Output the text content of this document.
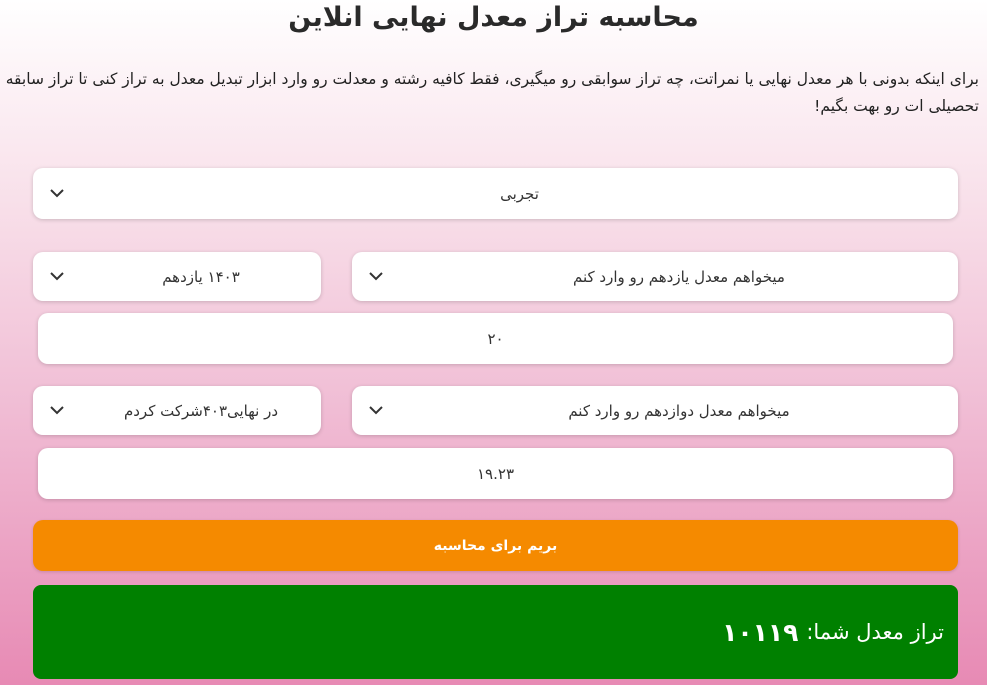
محاسبه تراز معدل نهایی انلاین

برای اینکه بدونی با هر معدل نهایی یا نمراتت، چه تراز سوابقی رو میگیری، فقط کافیه رشته و معدلت رو وارد ابزار تبدیل معدل به تراز کنی تا تراز سابقه تحصیلی ات رو بهت بگیم!

تجربی
میخواهم معدل یازدهم رو وارد کنم
۱۴۰۳ یازدهم
۲۰
میخواهم معدل دوازدهم رو وارد کنم
در نهایی۴۰۳شرکت کردم
۱۹.۲۳
بریم برای محاسبه
تراز معدل شما:
۱۰۱۱۹
